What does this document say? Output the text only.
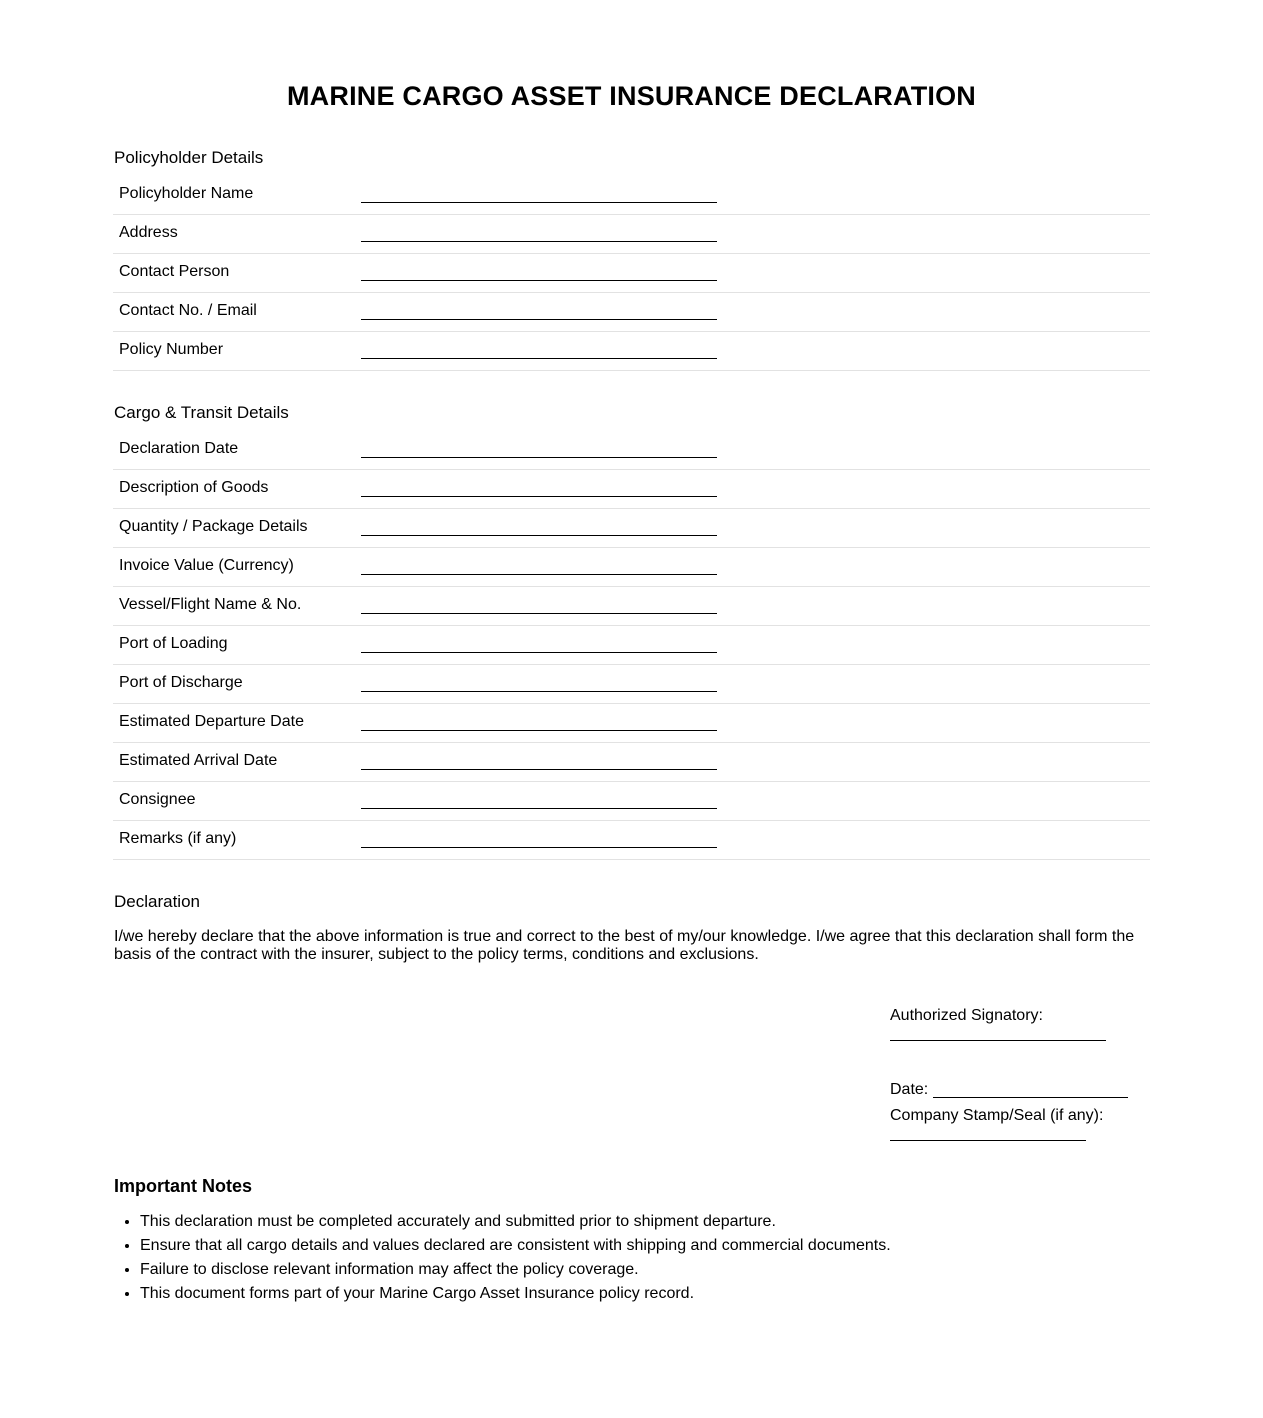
MARINE CARGO ASSET INSURANCE DECLARATION
Policyholder Details
Policyholder Name
Address
Contact Person
Contact No. / Email
Policy Number
Cargo & Transit Details
Declaration Date
Description of Goods
Quantity / Package Details
Invoice Value (Currency)
Vessel/Flight Name & No.
Port of Loading
Port of Discharge
Estimated Departure Date
Estimated Arrival Date
Consignee
Remarks (if any)
Declaration

I/we hereby declare that the above information is true and correct to the best of my/our knowledge. I/we agree that this declaration shall form the basis of the contract with the insurer, subject to the policy terms, conditions and exclusions.

Authorized Signatory:
Date:
Company Stamp/Seal (if any):
Important Notes
• This declaration must be completed accurately and submitted prior to shipment departure.
• Ensure that all cargo details and values declared are consistent with shipping and commercial documents.
• Failure to disclose relevant information may affect the policy coverage.
• This document forms part of your Marine Cargo Asset Insurance policy record.
